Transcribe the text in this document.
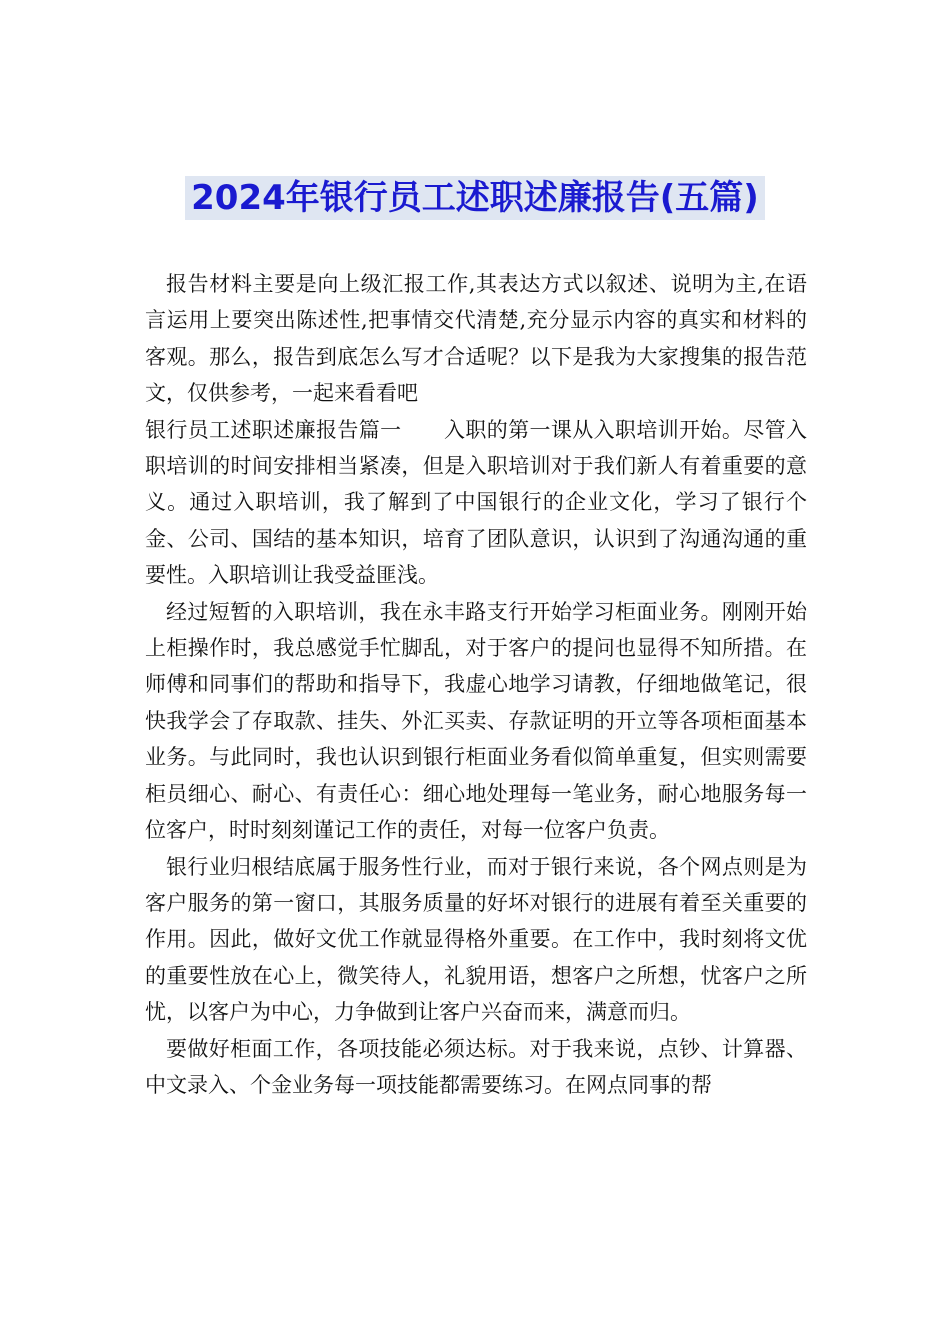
2024年银行员工述职述廉报告(五篇)

报告材料主要是向上级汇报工作,其表达方式以叙述、说明为主,在语言运用上要突出陈述性,把事情交代清楚,充分显示内容的真实和材料的客观。那么，报告到底怎么写才合适呢？以下是我为大家搜集的报告范文，仅供参考，一起来看看吧

银行员工述职述廉报告篇一 入职的第一课从入职培训开始。尽管入职培训的时间安排相当紧凑，但是入职培训对于我们新人有着重要的意义。通过入职培训，我了解到了中国银行的企业文化，学习了银行个金、公司、国结的基本知识，培育了团队意识，认识到了沟通沟通的重要性。入职培训让我受益匪浅。

经过短暂的入职培训，我在永丰路支行开始学习柜面业务。刚刚开始上柜操作时，我总感觉手忙脚乱，对于客户的提问也显得不知所措。在师傅和同事们的帮助和指导下，我虚心地学习请教，仔细地做笔记，很快我学会了存取款、挂失、外汇买卖、存款证明的开立等各项柜面基本业务。与此同时，我也认识到银行柜面业务看似简单重复，但实则需要柜员细心、耐心、有责任心：细心地处理每一笔业务，耐心地服务每一位客户，时时刻刻谨记工作的责任，对每一位客户负责。

银行业归根结底属于服务性行业，而对于银行来说，各个网点则是为客户服务的第一窗口，其服务质量的好坏对银行的进展有着至关重要的作用。因此，做好文优工作就显得格外重要。在工作中，我时刻将文优的重要性放在心上，微笑待人，礼貌用语，想客户之所想，忧客户之所忧，以客户为中心，力争做到让客户兴奋而来，满意而归。

要做好柜面工作，各项技能必须达标。对于我来说，点钞、计算器、中文录入、个金业务每一项技能都需要练习。在网点同事的帮
